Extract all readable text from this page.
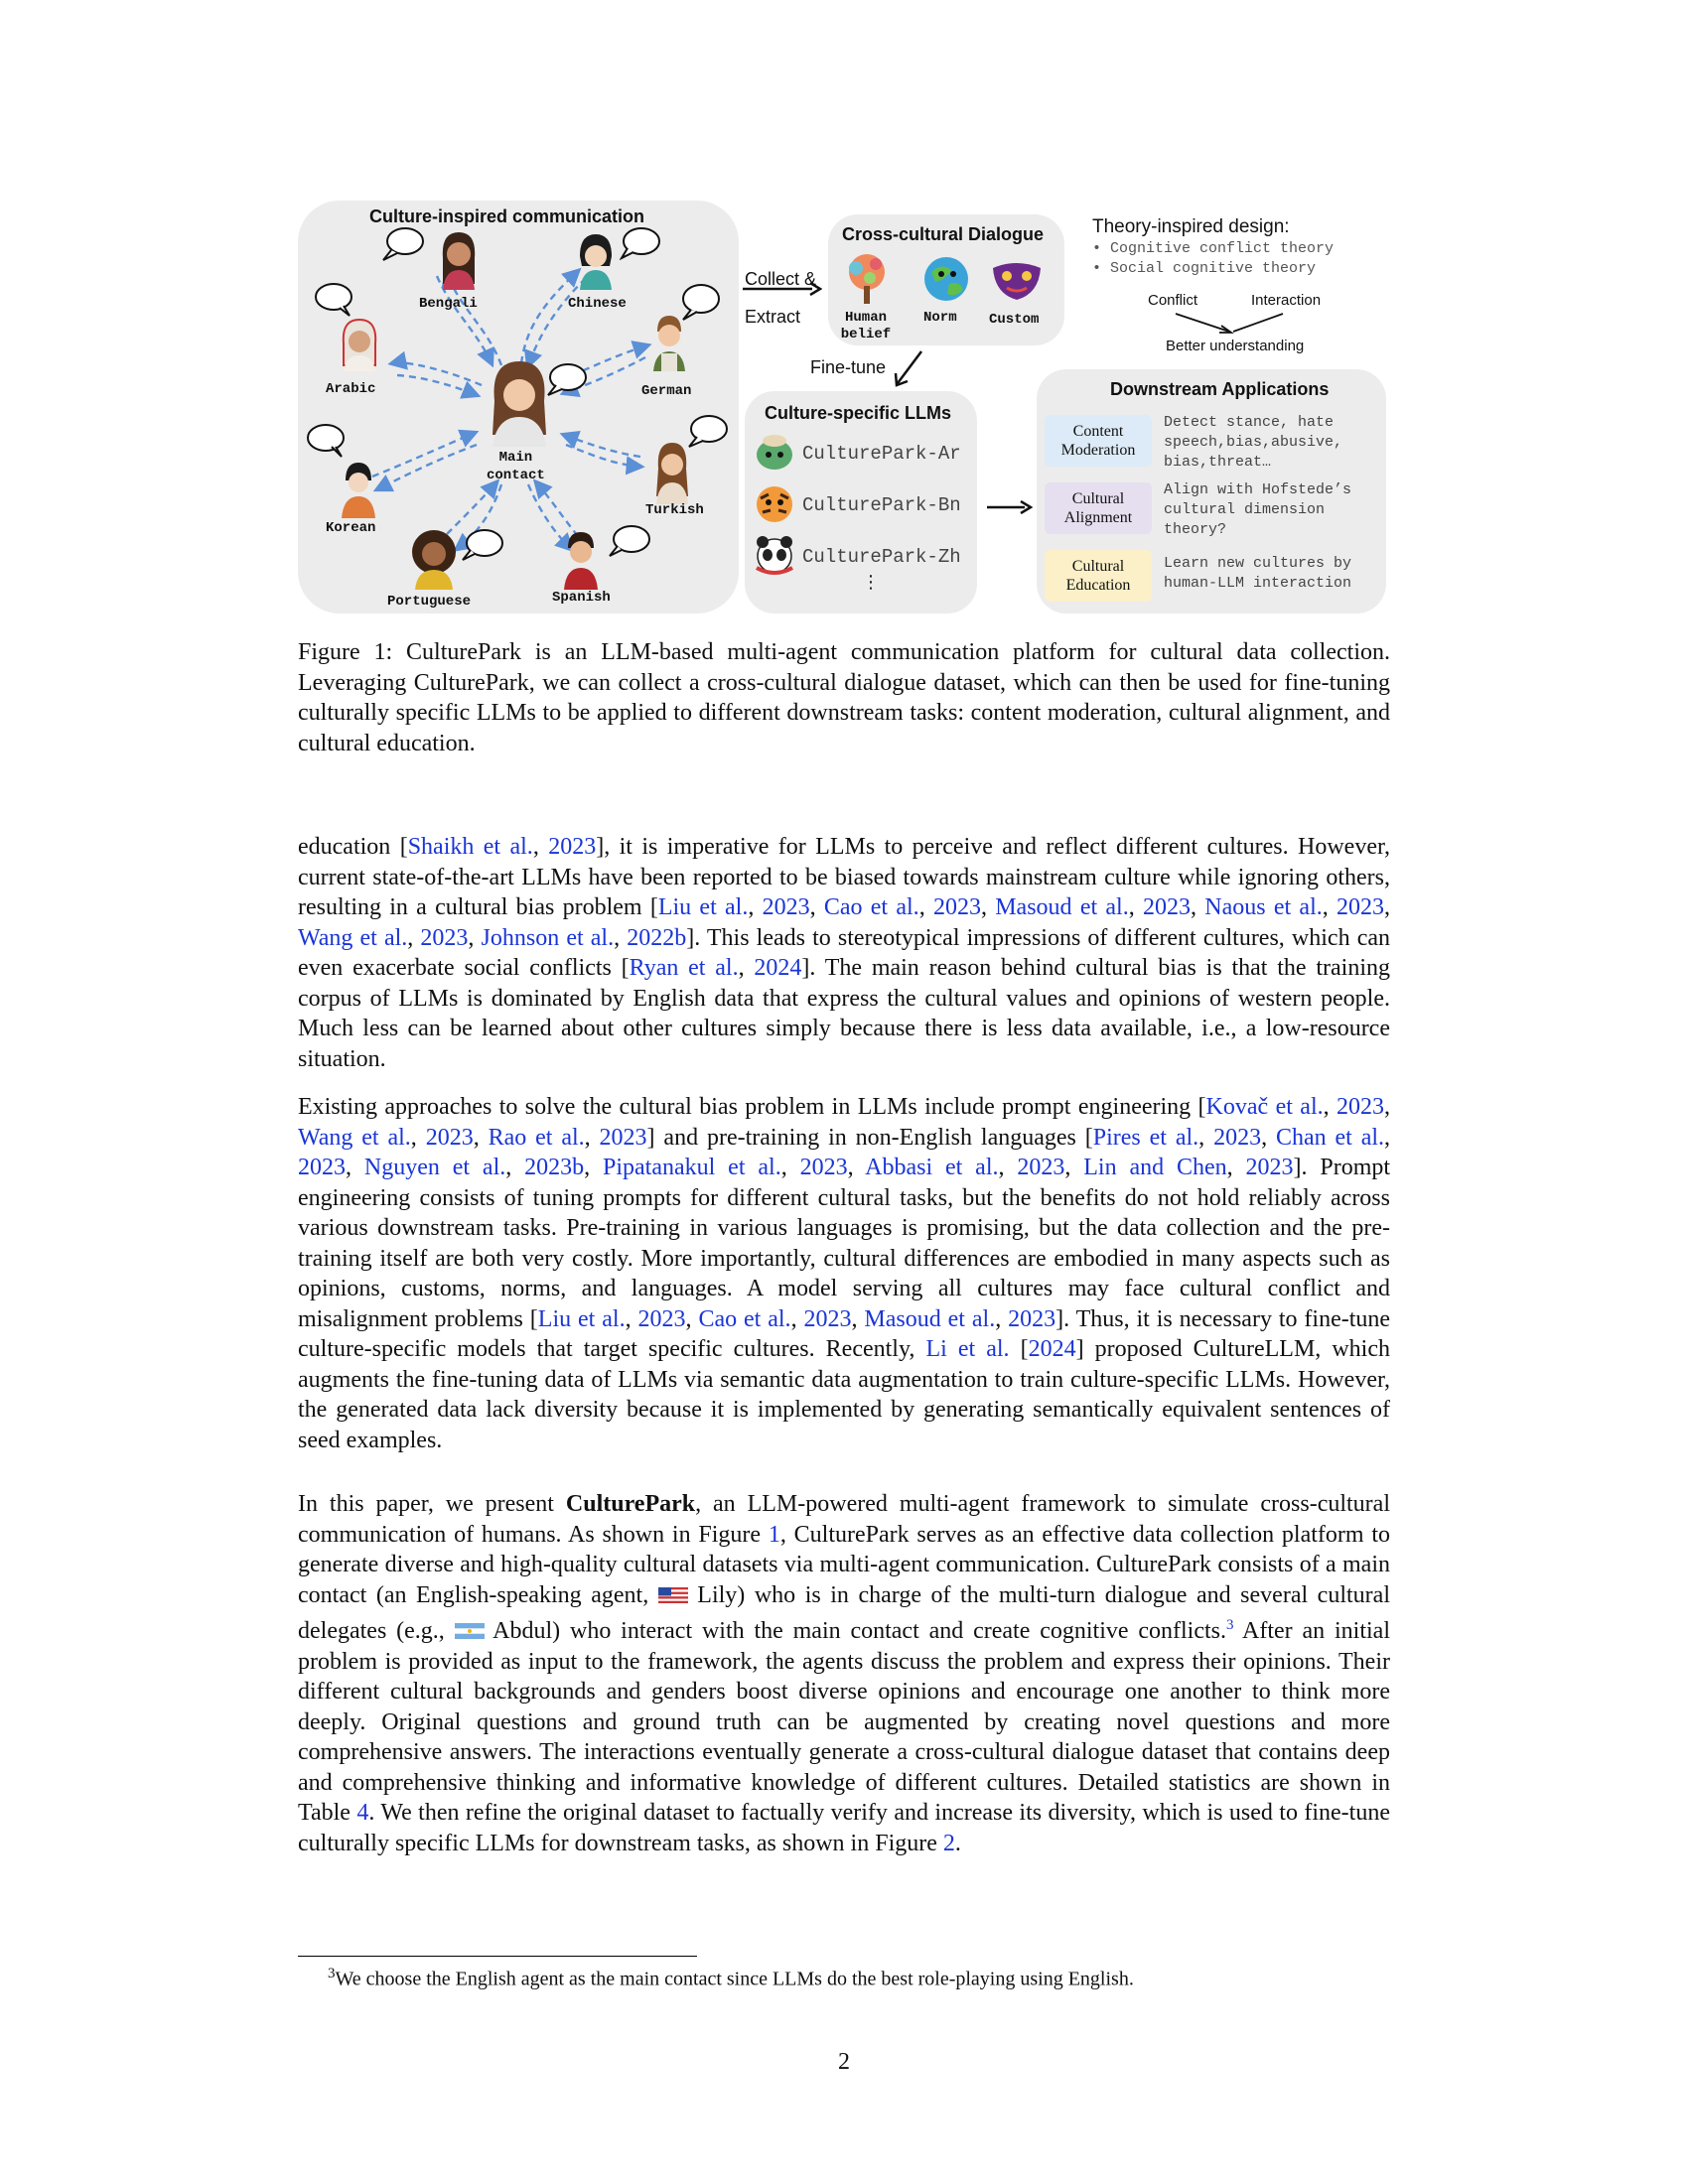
Culture-inspired communication
Bengali	Chinese
Arabic	German
Main
contact
Korean
Turkish
Portuguese	Spanish
Collect &
Extract
Cross-cultural Dialogue
Human
belief
Norm Custom
Fine-tune
Theory-inspired design:
• Cognitive conflict theory
• Social cognitive theory
Conflict	Interaction
Better understanding
Culture-specific LLMs
CulturePark-Ar
CulturePark-Bn
CulturePark-Zh
⋮
Downstream Applications
Content
Moderation
Detect stance, hate
speech,bias,abusive,
bias,threat…
Cultural
Alignment
Align with Hofstede’s
cultural dimension
theory?
Cultural
Education
Learn new cultures by
human-LLM interaction
Figure 1: CulturePark is an LLM-based multi-agent communication platform for cultural data collection. Leveraging CulturePark, we can collect a cross-cultural dialogue dataset, which can then be used for fine-tuning culturally specific LLMs to be applied to different downstream tasks: content moderation, cultural alignment, and cultural education.

education [Shaikh et al., 2023], it is imperative for LLMs to perceive and reflect different cultures. However, current state-of-the-art LLMs have been reported to be biased towards mainstream culture while ignoring others, resulting in a cultural bias problem [Liu et al., 2023, Cao et al., 2023, Masoud et al., 2023, Naous et al., 2023, Wang et al., 2023, Johnson et al., 2022b]. This leads to stereotypical impressions of different cultures, which can even exacerbate social conflicts [Ryan et al., 2024]. The main reason behind cultural bias is that the training corpus of LLMs is dominated by English data that express the cultural values and opinions of western people. Much less can be learned about other cultures simply because there is less data available, i.e., a low-resource situation.

Existing approaches to solve the cultural bias problem in LLMs include prompt engineering [Kovač et al., 2023, Wang et al., 2023, Rao et al., 2023] and pre-training in non-English languages [Pires et al., 2023, Chan et al., 2023, Nguyen et al., 2023b, Pipatanakul et al., 2023, Abbasi et al., 2023, Lin and Chen, 2023]. Prompt engineering consists of tuning prompts for different cultural tasks, but the benefits do not hold reliably across various downstream tasks. Pre-training in various languages is promising, but the data collection and the pre-training itself are both very costly. More importantly, cultural differences are embodied in many aspects such as opinions, customs, norms, and languages. A model serving all cultures may face cultural conflict and misalignment problems [Liu et al., 2023, Cao et al., 2023, Masoud et al., 2023]. Thus, it is necessary to fine-tune culture-specific models that target specific cultures. Recently, Li et al. [2024] proposed CultureLLM, which augments the fine-tuning data of LLMs via semantic data augmentation to train culture-specific LLMs. However, the generated data lack diversity because it is implemented by generating semantically equivalent sentences of seed examples.

In this paper, we present CulturePark, an LLM-powered multi-agent framework to simulate cross-cultural communication of humans. As shown in Figure 1, CulturePark serves as an effective data collection platform to generate diverse and high-quality cultural datasets via multi-agent communication. CulturePark consists of a main contact (an English-speaking agent,  Lily) who is in charge of the multi-turn dialogue and several cultural delegates (e.g.,  Abdul) who interact with the main contact and create cognitive conflicts.$^3$ After an initial problem is provided as input to the framework, the agents discuss the problem and express their opinions. Their different cultural backgrounds and genders boost diverse opinions and encourage one another to think more deeply. Original questions and ground truth can be augmented by creating novel questions and more comprehensive answers. The interactions eventually generate a cross-cultural dialogue dataset that contains deep and comprehensive thinking and informative knowledge of different cultures. Detailed statistics are shown in Table 4. We then refine the original dataset to factually verify and increase its diversity, which is used to fine-tune culturally specific LLMs for downstream tasks, as shown in Figure 2.

$^3$We choose the English agent as the main contact since LLMs do the best role-playing using English.
2
